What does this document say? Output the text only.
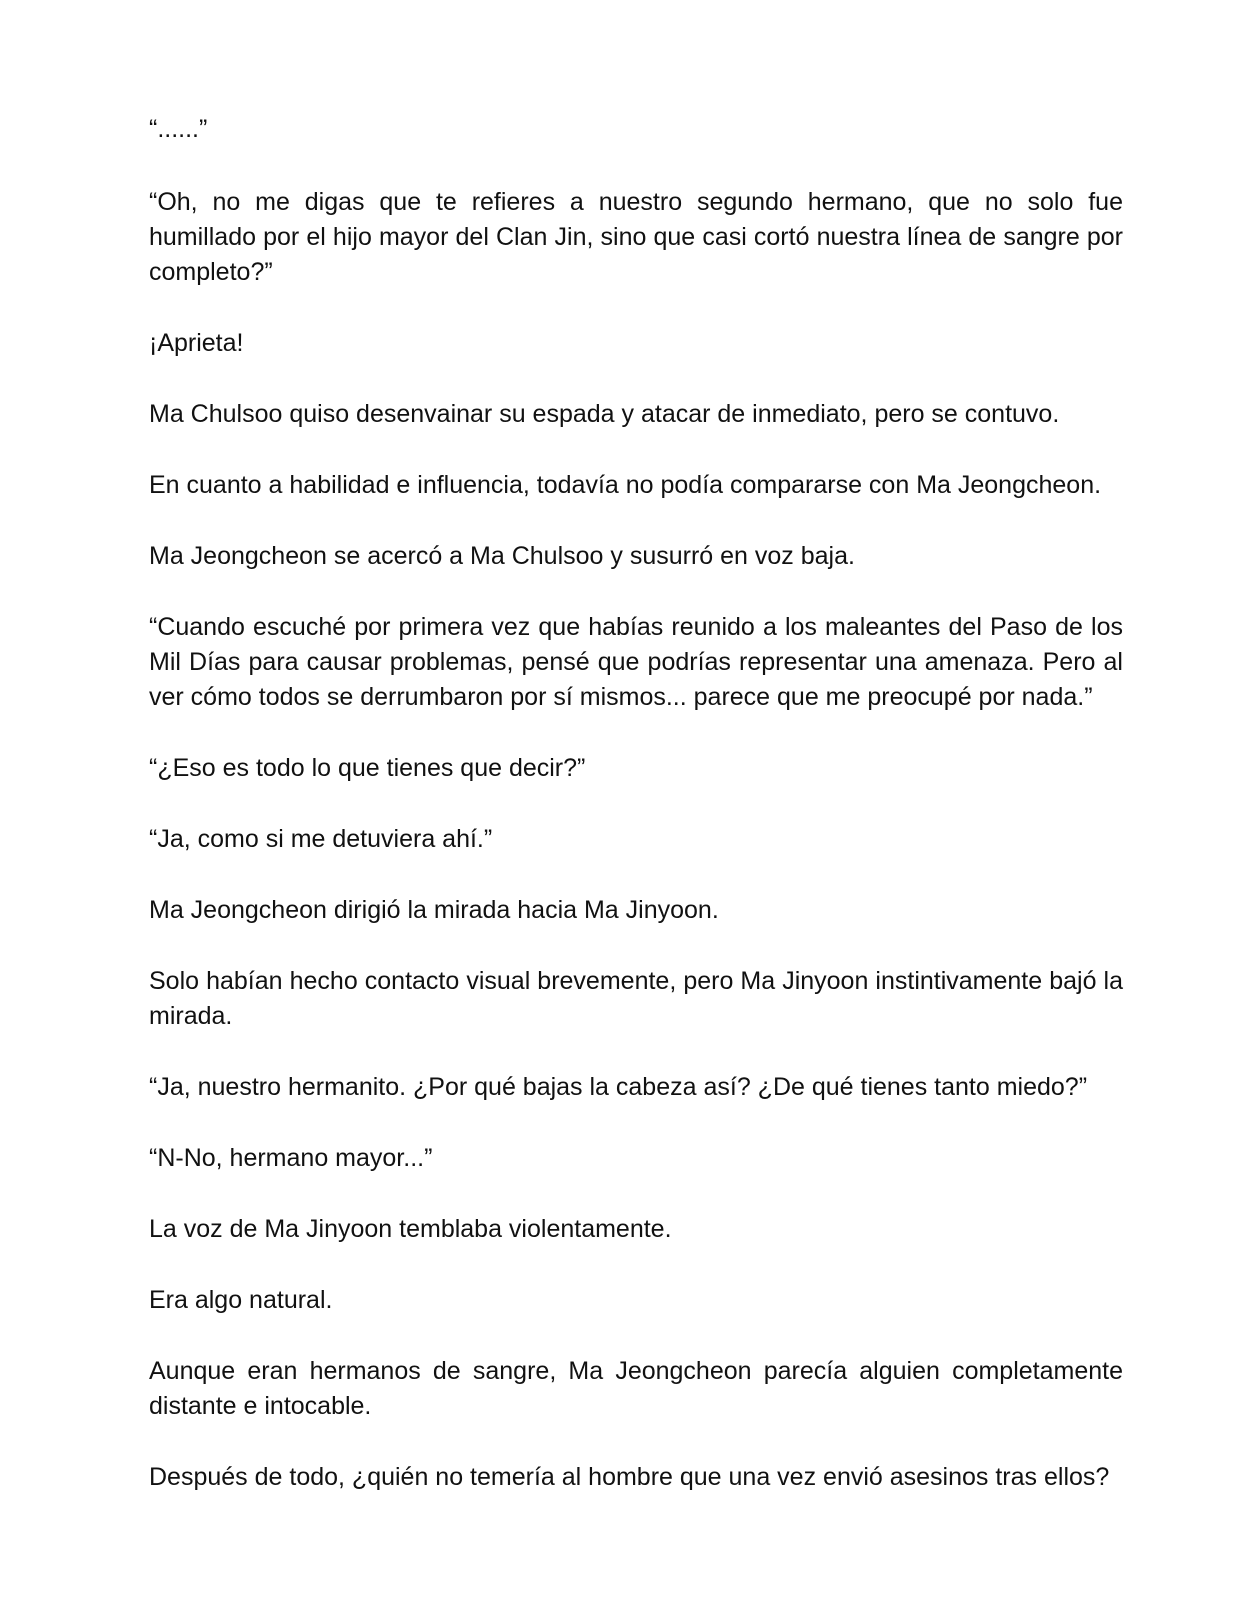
“......”

“Oh, no me digas que te refieres a nuestro segundo hermano, que no solo fue humillado por el hijo mayor del Clan Jin, sino que casi cortó nuestra línea de sangre por completo?”

¡Aprieta!

Ma Chulsoo quiso desenvainar su espada y atacar de inmediato, pero se contuvo.

En cuanto a habilidad e influencia, todavía no podía compararse con Ma Jeongcheon.

Ma Jeongcheon se acercó a Ma Chulsoo y susurró en voz baja.

“Cuando escuché por primera vez que habías reunido a los maleantes del Paso de los Mil Días para causar problemas, pensé que podrías representar una amenaza. Pero al ver cómo todos se derrumbaron por sí mismos... parece que me preocupé por nada.”

“¿Eso es todo lo que tienes que decir?”

“Ja, como si me detuviera ahí.”

Ma Jeongcheon dirigió la mirada hacia Ma Jinyoon.

Solo habían hecho contacto visual brevemente, pero Ma Jinyoon instintivamente bajó la mirada.

“Ja, nuestro hermanito. ¿Por qué bajas la cabeza así? ¿De qué tienes tanto miedo?”

“N-No, hermano mayor...”

La voz de Ma Jinyoon temblaba violentamente.

Era algo natural.

Aunque eran hermanos de sangre, Ma Jeongcheon parecía alguien completamente distante e intocable.

Después de todo, ¿quién no temería al hombre que una vez envió asesinos tras ellos?
